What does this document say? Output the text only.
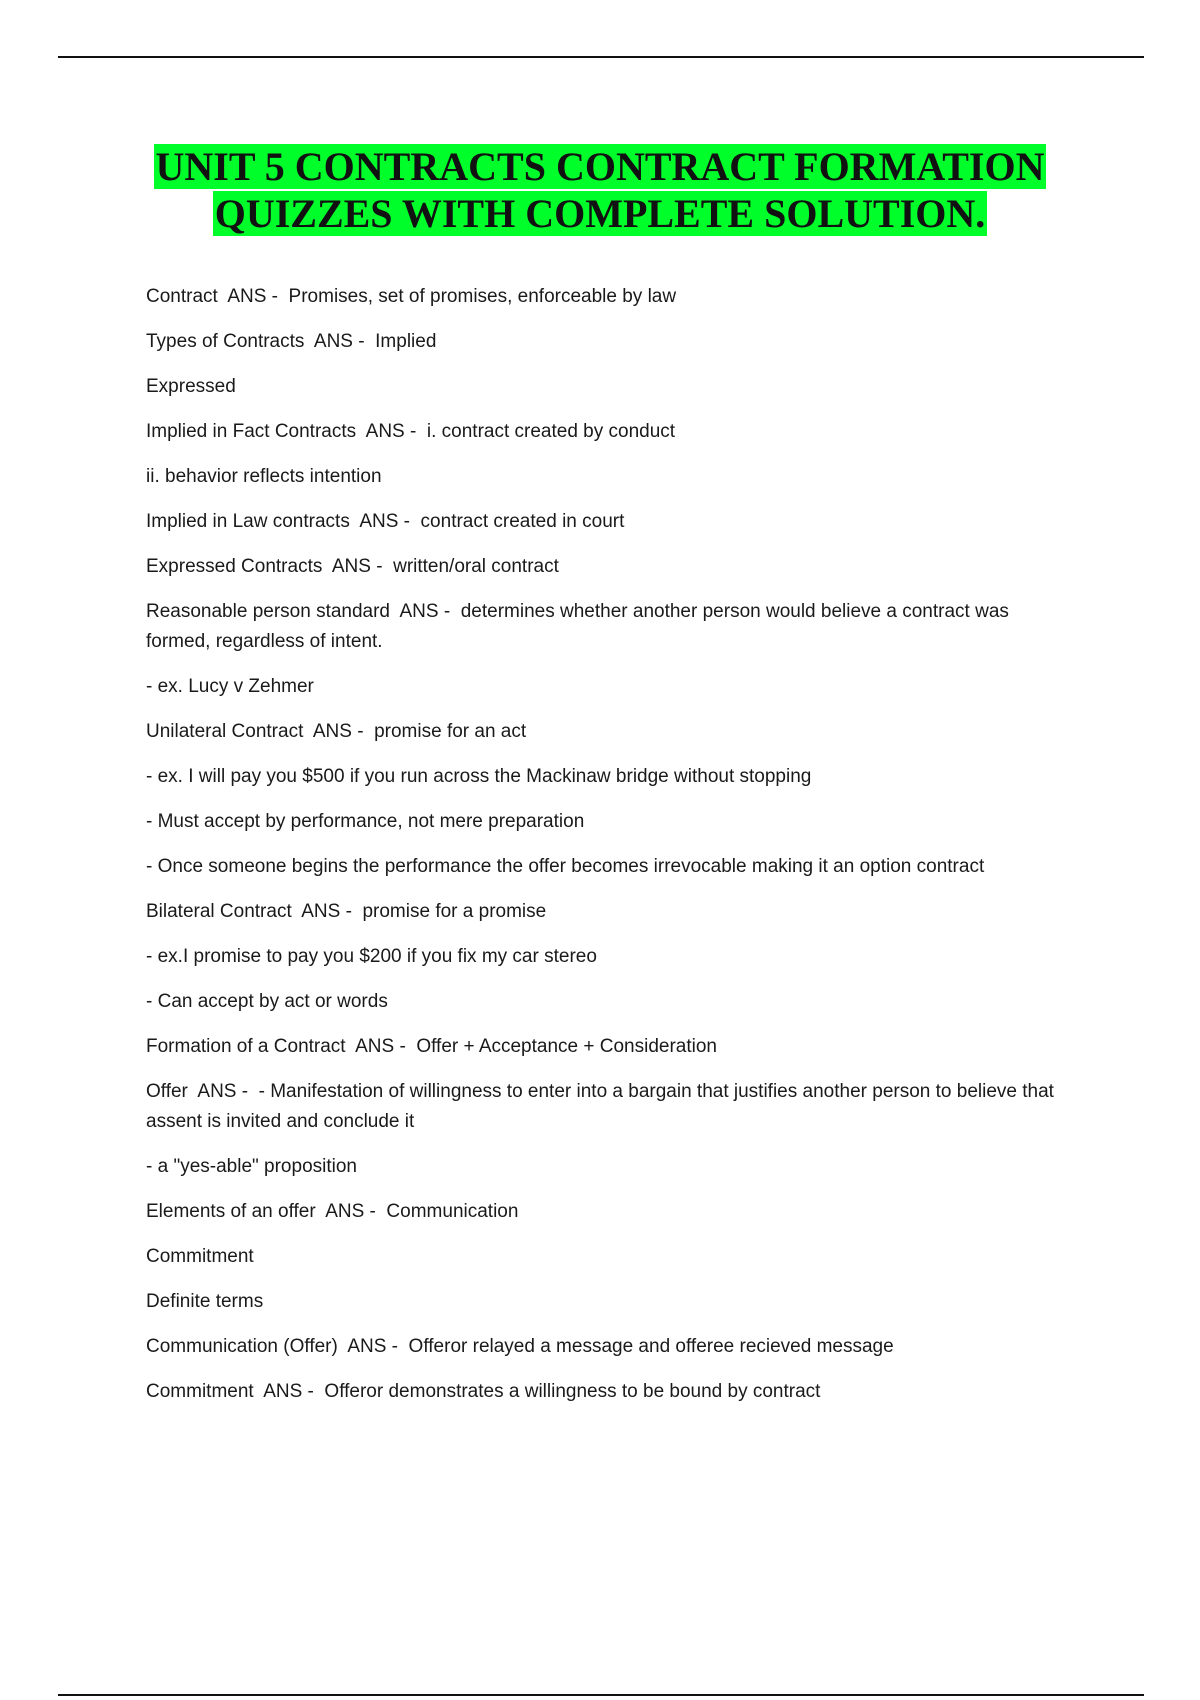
UNIT 5 CONTRACTS CONTRACT FORMATION
QUIZZES WITH COMPLETE SOLUTION.

Contract  ANS -  Promises, set of promises, enforceable by law

Types of Contracts  ANS -  Implied

Expressed

Implied in Fact Contracts  ANS -  i. contract created by conduct

ii. behavior reflects intention

Implied in Law contracts  ANS -  contract created in court

Expressed Contracts  ANS -  written/oral contract

Reasonable person standard  ANS -  determines whether another person would believe a contract was formed, regardless of intent.

- ex. Lucy v Zehmer

Unilateral Contract  ANS -  promise for an act

- ex. I will pay you $500 if you run across the Mackinaw bridge without stopping

- Must accept by performance, not mere preparation

- Once someone begins the performance the offer becomes irrevocable making it an option contract

Bilateral Contract  ANS -  promise for a promise

- ex.I promise to pay you $200 if you fix my car stereo

- Can accept by act or words

Formation of a Contract  ANS -  Offer + Acceptance + Consideration

Offer  ANS -  - Manifestation of willingness to enter into a bargain that justifies another person to believe that assent is invited and conclude it

- a "yes-able" proposition

Elements of an offer  ANS -  Communication

Commitment

Definite terms

Communication (Offer)  ANS -  Offeror relayed a message and offeree recieved message

Commitment  ANS -  Offeror demonstrates a willingness to be bound by contract
